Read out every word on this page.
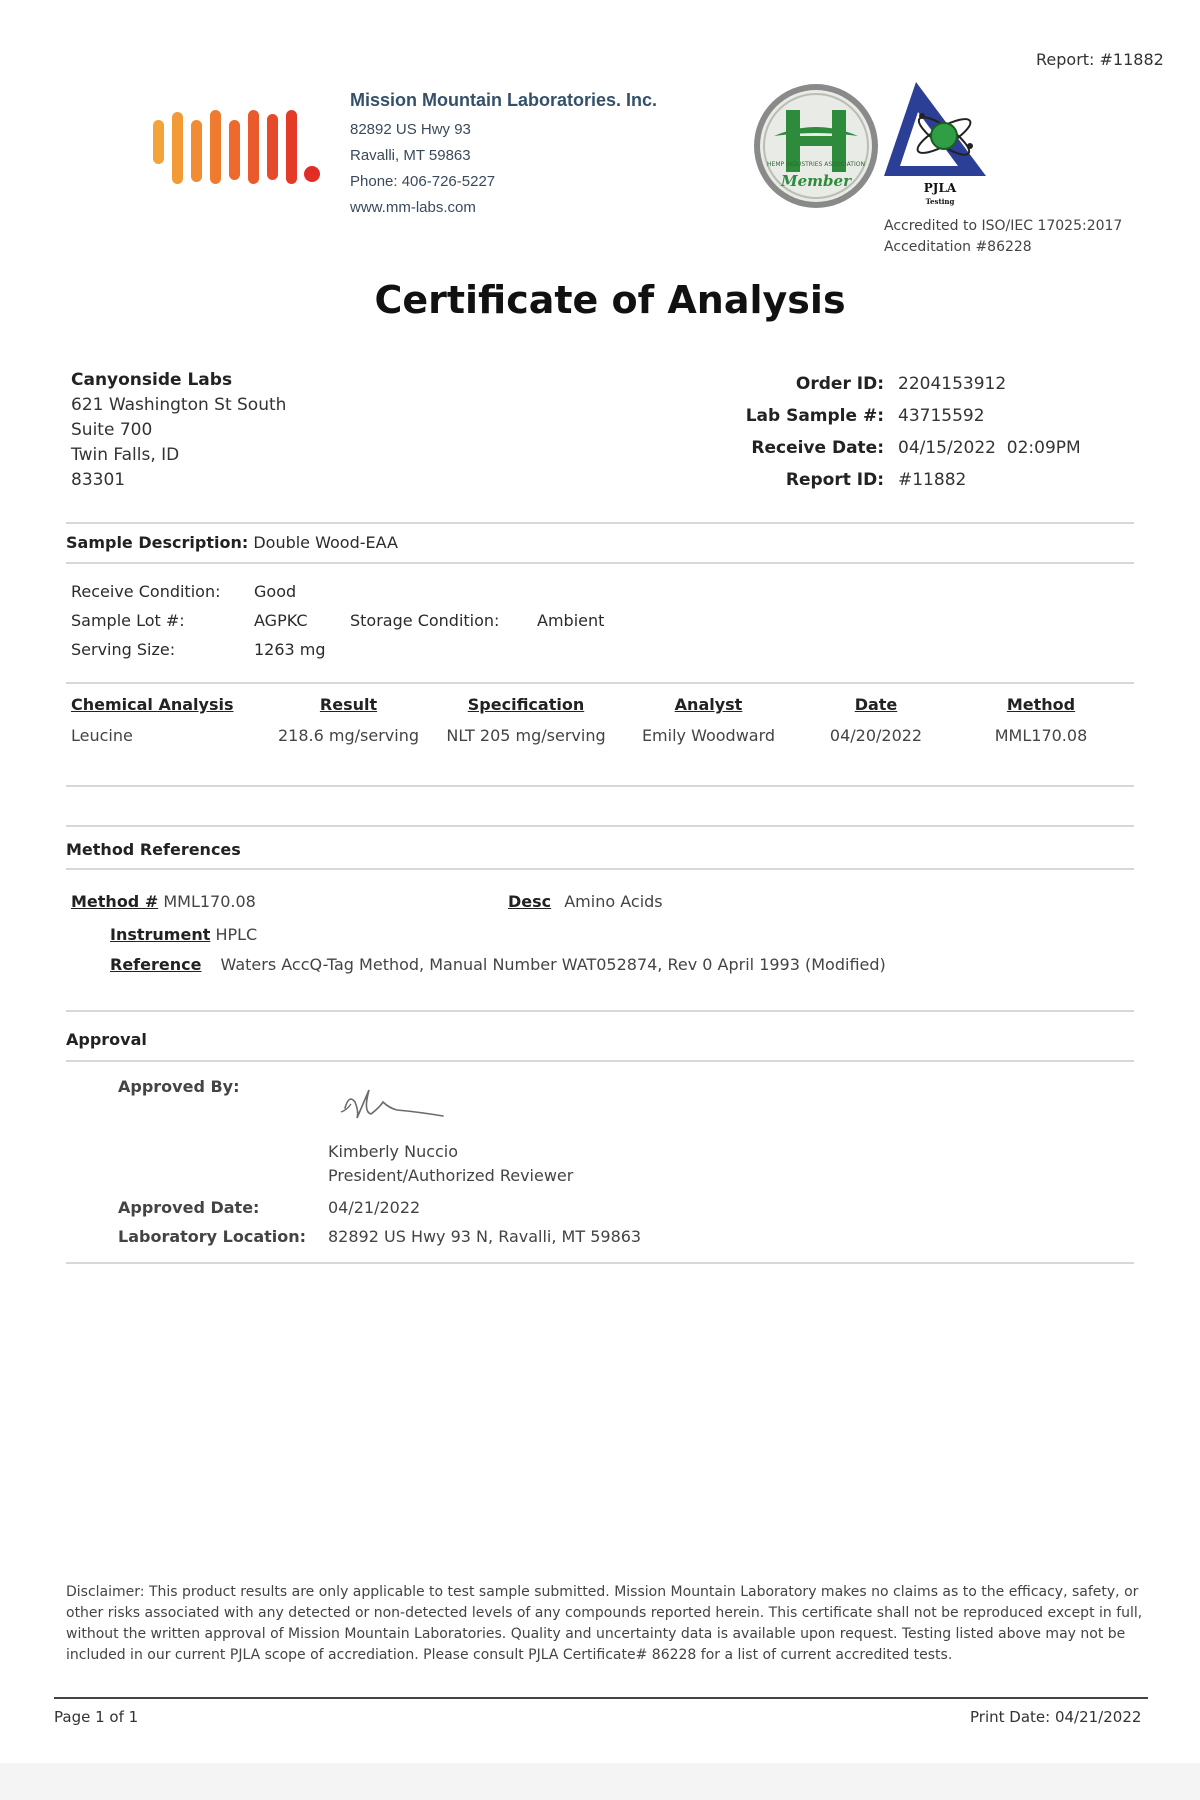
Report: #11882
Mission Mountain Laboratories. Inc.
82892 US Hwy 93
Ravalli, MT 59863
Phone: 406-726-5227
www.mm-labs.com
HEMP INDUSTRIES ASSOCIATION
Member	PJLA
Testing
Accredited to ISO/IEC 17025:2017
Acceditation #86228
Certificate of Analysis
Canyonside Labs
621 Washington St South
Suite 700
Twin Falls, ID
83301
Order ID: 2204153912
Lab Sample #: 43715592
Receive Date: 04/15/2022  02:09PM
Report ID: #11882
Sample Description: Double Wood-EAA
Receive Condition: Good
Sample Lot #:	AGPKC	Storage Condition: Ambient
Serving Size:	1263 mg
Chemical Analysis	Result	Specification	Analyst	Date	Method
Leucine	218.6 mg/serving	NLT 205 mg/serving	Emily Woodward	04/20/2022	MML170.08
Method References
Method # MML170.08	Desc Amino Acids
Instrument HPLC
Reference Waters AccQ-Tag Method, Manual Number WAT052874, Rev 0 April 1993 (Modified)
Approval
Approved By:
Kimberly Nuccio
President/Authorized Reviewer
Approved Date:	04/21/2022
Laboratory Location: 82892 US Hwy 93 N, Ravalli, MT 59863
Disclaimer: This product results are only applicable to test sample submitted. Mission Mountain Laboratory makes no claims as to the efficacy, safety, or other risks associated with any detected or non-detected levels of any compounds reported herein. This certificate shall not be reproduced except in full, without the written approval of Mission Mountain Laboratories. Quality and uncertainty data is available upon request. Testing listed above may not be included in our current PJLA scope of accrediation. Please consult PJLA Certificate# 86228 for a list of current accredited tests.
Page 1 of 1	Print Date: 04/21/2022
